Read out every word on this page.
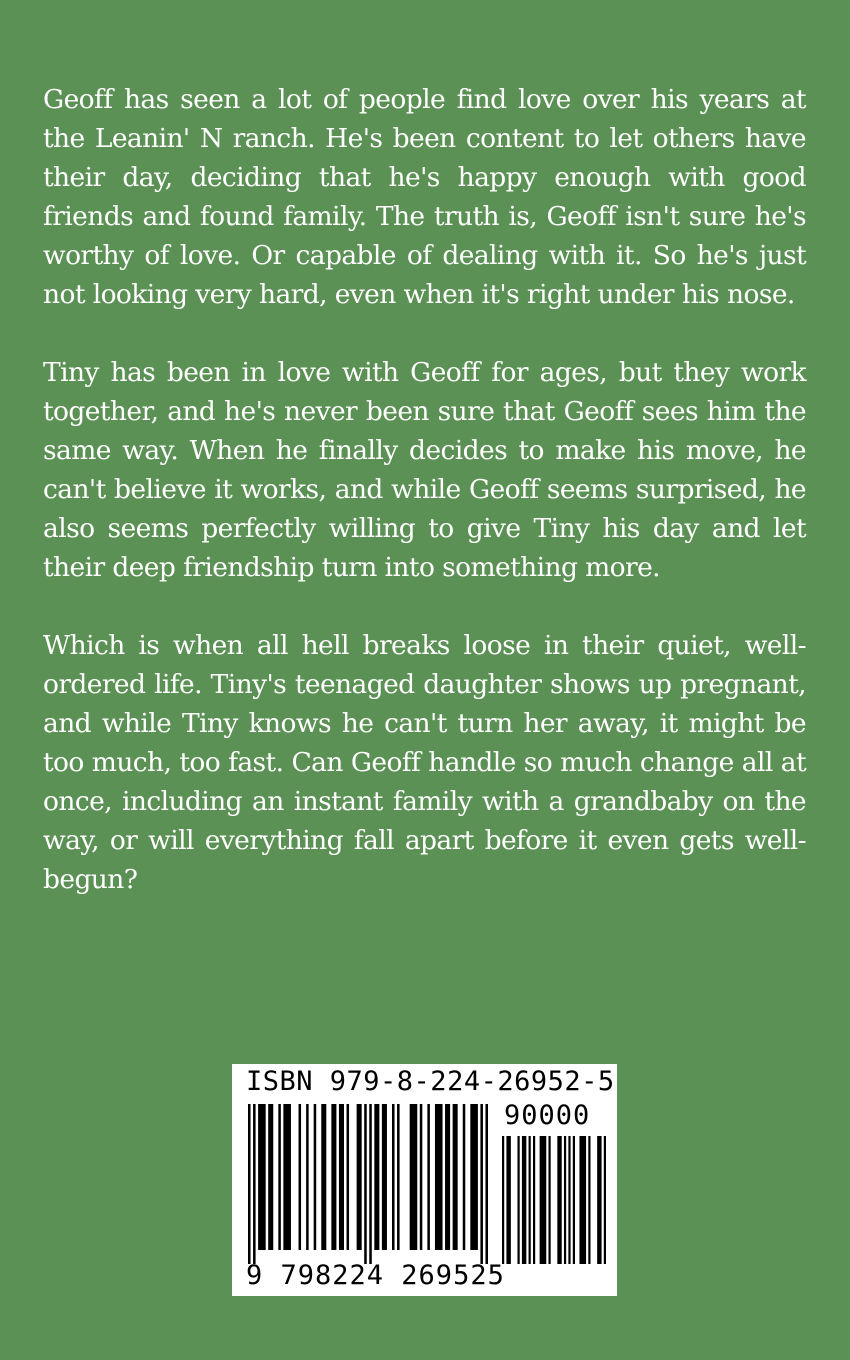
Geoff has seen a lot of people find love over his years at the Leanin' N ranch. He's been content to let others have their day, deciding that he's happy enough with good friends and found family. The truth is, Geoff isn't sure he's worthy of love. Or capable of dealing with it. So he's just not looking very hard, even when it's right under his nose.

Tiny has been in love with Geoff for ages, but they work together, and he's never been sure that Geoff sees him the same way. When he finally decides to make his move, he can't believe it works, and while Geoff seems surprised, he also seems perfectly willing to give Tiny his day and let their deep friendship turn into something more.

Which is when all hell breaks loose in their quiet, well-ordered life. Tiny's teenaged daughter shows up pregnant, and while Tiny knows he can't turn her away, it might be too much, too fast. Can Geoff handle so much change all at once, including an instant family with a grandbaby on the way, or will everything fall apart before it even gets well-begun?

ISBN 979-8-224-26952-5
90000
9 798224 269525
